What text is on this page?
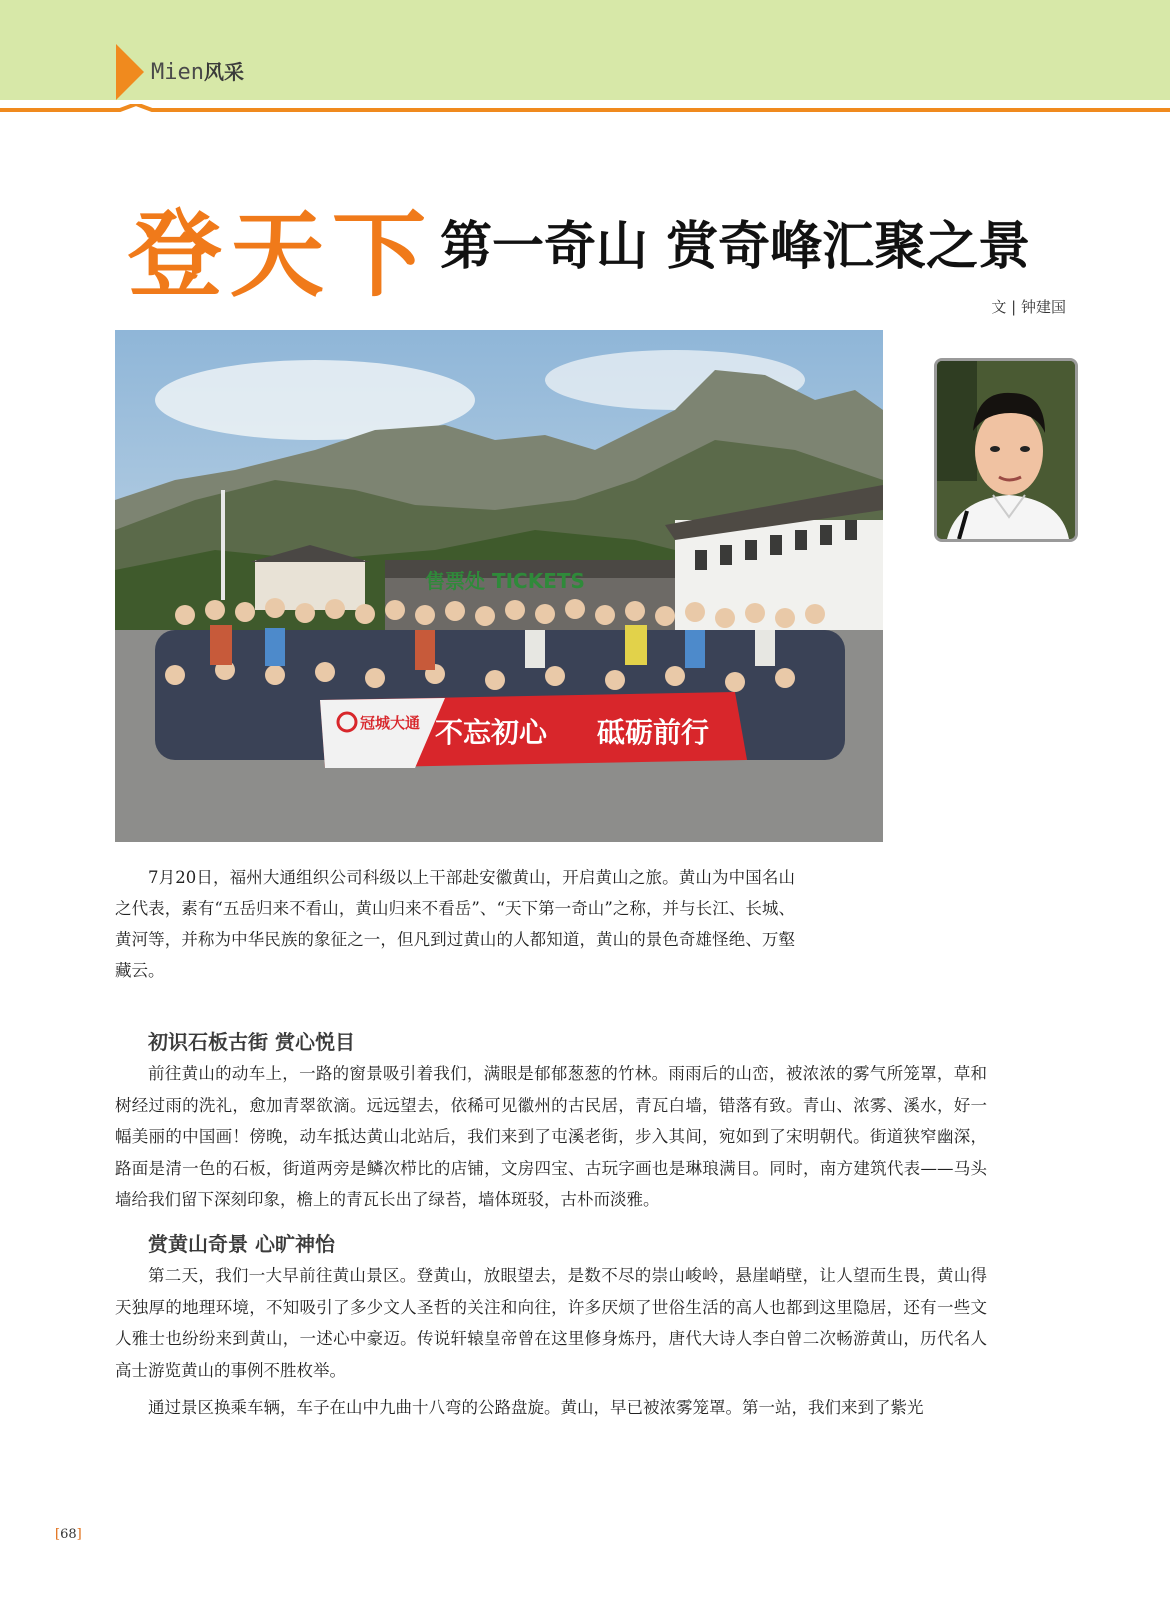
Mien风采
登天下 第一奇山 赏奇峰汇聚之景
文 | 钟建国
售票处 TICKETS
冠城大通 不忘初心 砥砺前行

7月20日，福州大通组织公司科级以上干部赴安徽黄山，开启黄山之旅。黄山为中国名山之代表，素有“五岳归来不看山，黄山归来不看岳”、“天下第一奇山”之称，并与长江、长城、黄河等，并称为中华民族的象征之一，但凡到过黄山的人都知道，黄山的景色奇雄怪绝、万壑藏云。

初识石板古街 赏心悦目

前往黄山的动车上，一路的窗景吸引着我们，满眼是郁郁葱葱的竹林。雨雨后的山峦，被浓浓的雾气所笼罩，草和树经过雨的洗礼，愈加青翠欲滴。远远望去，依稀可见徽州的古民居，青瓦白墙，错落有致。青山、浓雾、溪水，好一幅美丽的中国画！傍晚，动车抵达黄山北站后，我们来到了屯溪老街，步入其间，宛如到了宋明朝代。街道狭窄幽深，路面是清一色的石板，街道两旁是鳞次栉比的店铺，文房四宝、古玩字画也是琳琅满目。同时，南方建筑代表——马头墙给我们留下深刻印象，檐上的青瓦长出了绿苔，墙体斑驳，古朴而淡雅。

赏黄山奇景 心旷神怡

第二天，我们一大早前往黄山景区。登黄山，放眼望去，是数不尽的崇山峻岭，悬崖峭壁，让人望而生畏，黄山得天独厚的地理环境，不知吸引了多少文人圣哲的关注和向往，许多厌烦了世俗生活的高人也都到这里隐居，还有一些文人雅士也纷纷来到黄山，一述心中豪迈。传说轩辕皇帝曾在这里修身炼丹，唐代大诗人李白曾二次畅游黄山，历代名人高士游览黄山的事例不胜枚举。

通过景区换乘车辆，车子在山中九曲十八弯的公路盘旋。黄山，早已被浓雾笼罩。第一站，我们来到了紫光

[68]
